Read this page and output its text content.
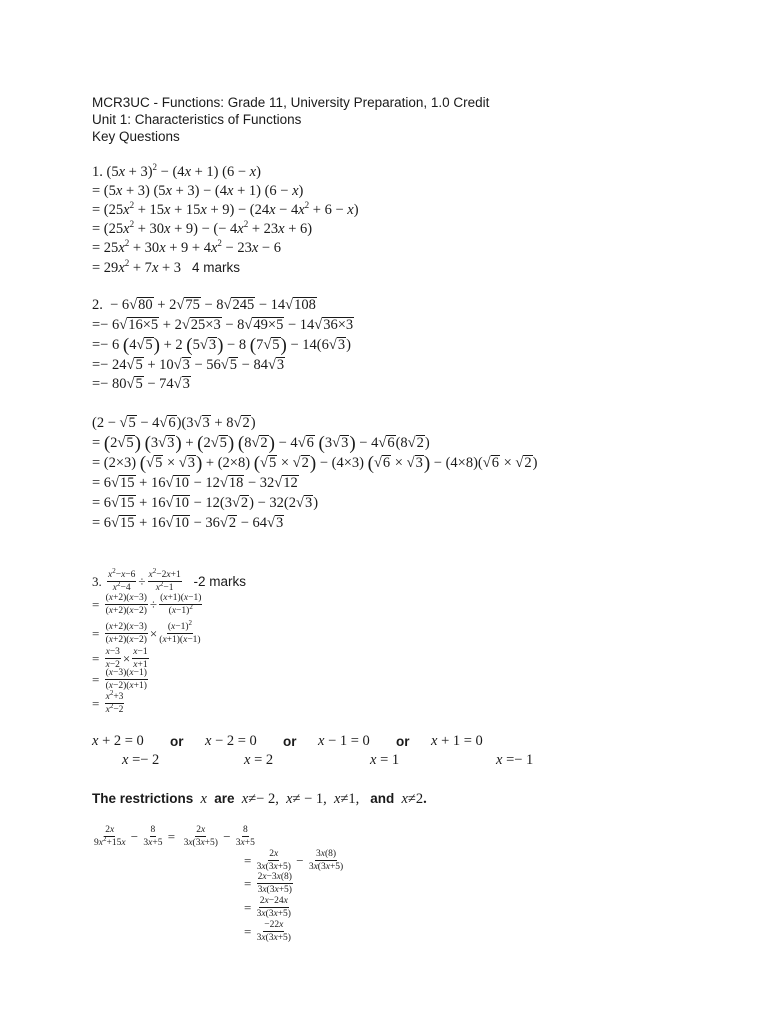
MCR3UC - Functions: Grade 11, University Preparation, 1.0 Credit
Unit 1: Characteristics of Functions
Key Questions
1. $(5x + 3)^2 - (4x + 1)$ (6 − x)
= (5x + 3) (5x + 3) − (4x + 1) (6 − x)
= $(25x^2 + 15x + 15x + 9) - (24x - 4x^2 + 6 - x)$
= $(25x^2 + 30x + 9)$ − (− $4x^2 + 23x + 6$)
= $25x^2 + 30x + 9 + 4x^2 - 23x - 6$
= $29x^2 + 7x + 3$   4 marks
2.  − 6√80 + 2√75 − 8√245 − 14√108
=− 6√16×5 + 2√25×3 − 8√49×5 − 14√36×3
=− 6 (4√5) + 2 (5√3) − 8 (7√5) − 14(6√3)
=− 24√5 + 10√3 − 56√5 − 84√3
=− 80√5 − 74√3
(2 − √5 − 4√6)(3√3 + 8√2)
= (2√5) (3√3) + (2√5) (8√2) − 4√6 (3√3) − 4√6(8√2)
= (2×3) (√5 × √3) + (2×8) (√5 × √2) − (4×3) (√6 × √3) − (4×8)(√6 × √2)
= 6√15 + 16√10 − 12√18 − 32√12
= 6√15 + 16√10 − 12(3√2) − 32(2√3)
= 6√15 + 16√10 − 36√2 − 64√3
3. $\frac{x^2-x-6}{x^2-4} \div \frac{x^2-2x+1}{x^2-1}$
-2 marks
= $\frac{(x+2)(x-3)}{(x+2)(x-2)} \div \frac{(x+1)(x-1)}{(x-1)^2}$
= $\frac{(x+2)(x-3)}{(x+2)(x-2)} \times \frac{(x-1)^2}{(x+1)(x-1)}$
= $\frac{x-3}{x-2} \times \frac{x-1}{x+1}$
= $\frac{(x-3)(x-1)}{(x-2)(x+1)}$
= $\frac{x^2+3}{x^2-2}$
x + 2 = 0 or x − 2 = 0 or x − 1 = 0 or x + 1 = 0
x =− 2	x = 2	x = 1	x =− 1
The restrictions x are x≠− 2,  x≠ − 1,  x≠1,   and x≠2.
$\frac{2x}{9x^2+15x} - \frac{8}{3x+5} = \frac{2x}{3x(3x+5)} - \frac{8}{3x+5}$
= $\frac{2x}{3x(3x+5)} - \frac{3x(8)}{3x(3x+5)}$
= $\frac{2x-3x(8)}{3x(3x+5)}$
= $\frac{2x-24x}{3x(3x+5)}$
= $\frac{-22x}{3x(3x+5)}$
